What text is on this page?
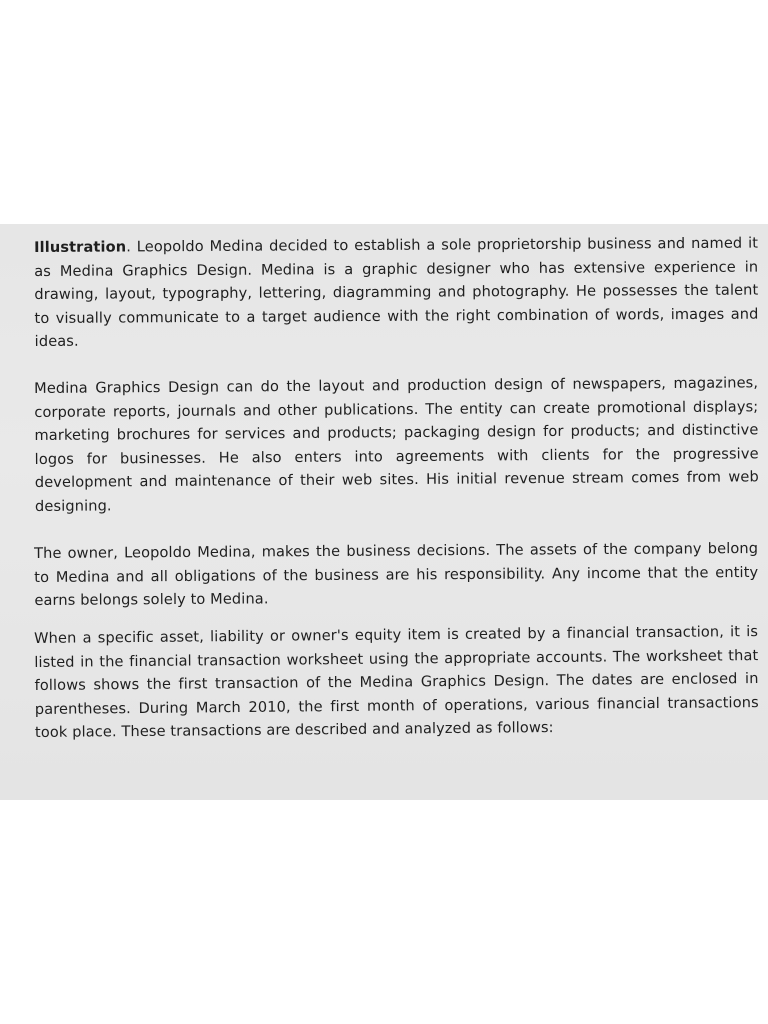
Illustration. Leopoldo Medina decided to establish a sole proprietorship business and named it as Medina Graphics Design. Medina is a graphic designer who has extensive experience in drawing, layout, typography, lettering, diagramming and photography. He possesses the talent to visually communicate to a target audience with the right combination of words, images and ideas.
Medina Graphics Design can do the layout and production design of newspapers, magazines, corporate reports, journals and other publications. The entity can create promotional displays; marketing brochures for services and products; packaging design for products; and distinctive logos for businesses. He also enters into agreements with clients for the progressive development and maintenance of their web sites. His initial revenue stream comes from web designing.
The owner, Leopoldo Medina, makes the business decisions. The assets of the company belong to Medina and all obligations of the business are his responsibility. Any income that the entity earns belongs solely to Medina.
When a specific asset, liability or owner's equity item is created by a financial transaction, it is listed in the financial transaction worksheet using the appropriate accounts. The worksheet that follows shows the first transaction of the Medina Graphics Design. The dates are enclosed in parentheses. During March 2010, the first month of operations, various financial transactions took place. These transactions are described and analyzed as follows:
